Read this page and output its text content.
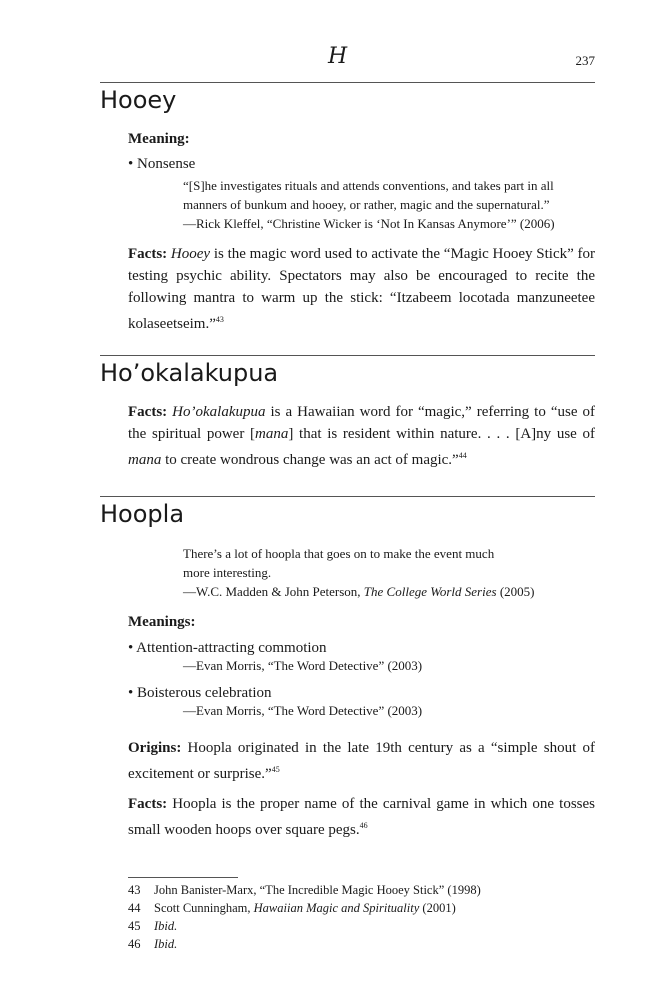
H	237
Hooey
Meaning:
• Nonsense

“[S]he investigates rituals and attends conventions, and takes part in all

manners of bunkum and hooey, or rather, magic and the supernatural.”

—Rick Kleffel, “Christine Wicker is ‘Not In Kansas Anymore’” (2006)

Facts: Hooey is the magic word used to activate the “Magic Hooey Stick” for testing psychic ability. Spectators may also be encouraged to recite the following mantra to warm up the stick: “Itzabeem locotada manzuneetee kolaseetseim.”$^{43}$

Ho’okalakupua

Facts: Ho’okalakupua is a Hawaiian word for “magic,” referring to “use of the spiritual power [mana] that is resident within nature. . . . [A]ny use of mana to create wondrous change was an act of magic.”$^{44}$

Hoopla

There’s a lot of hoopla that goes on to make the event much

more interesting.

—W.C. Madden & John Peterson, The College World Series (2005)

Meanings:
• Attention-attracting commotion
—Evan Morris, “The Word Detective” (2003)
• Boisterous celebration
—Evan Morris, “The Word Detective” (2003)

Origins: Hoopla originated in the late 19th century as a “simple shout of excitement or surprise.”$^{45}$

Facts: Hoopla is the proper name of the carnival game in which one tosses small wooden hoops over square pegs.$^{46}$

43 John Banister-Marx, “The Incredible Magic Hooey Stick” (1998)
44 Scott Cunningham, Hawaiian Magic and Spirituality (2001)
45 Ibid.
46 Ibid.
